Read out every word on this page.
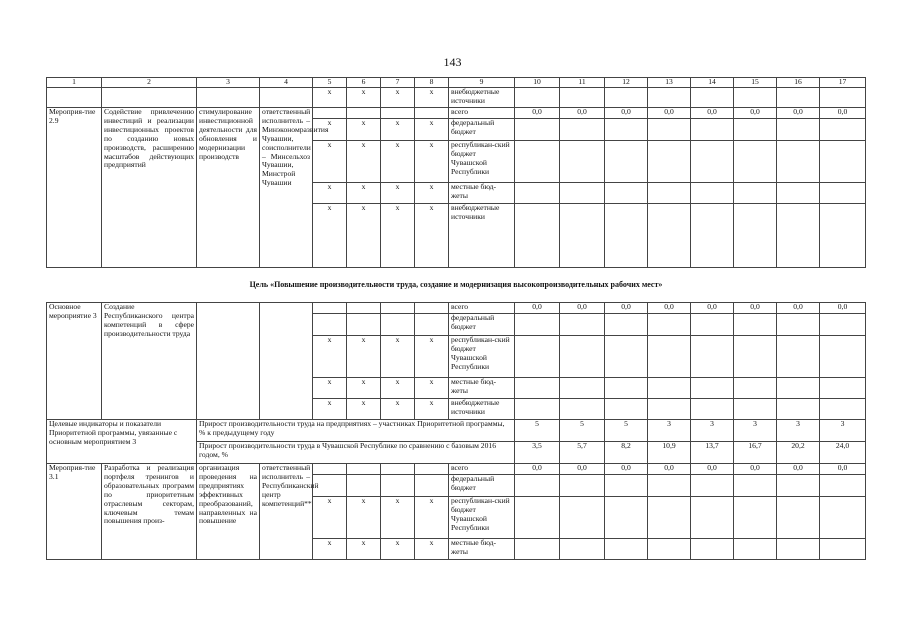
143
1	2	3	4	5	6	7	8	9	10	11	12	13	14	15	16	17
				x	x	x	x	внебюджетные источники								
Мероприя-тие 2.9	Содействие привлечению инвестиций и реализации инвестиционных проектов по созданию новых производств, расширению масштабов действующих предприятий	стимулирование инвестиционной деятельности для обновления и модернизации производств	ответственный исполнитель – Минэкономразвития Чувашии, соисполнители – Минсельхоз Чувашии, Минстрой Чувашии					всего	0,0	0,0	0,0	0,0	0,0	0,0	0,0	0,0
				x	x	x	x	федеральный бюджет								
				x	x	x	x	республикан-ский бюджет Чувашской Республики								
				x	x	x	x	местные бюд-жеты								
				x	x	x	x	внебюджетные источники								
Цель «Повышение производительности труда, создание и модернизация высокопроизводительных рабочих мест»																
Основное мероприятие 3	Создание Республиканского центра компетенций в сфере производительности труда							всего	0,0	0,0	0,0	0,0	0,0	0,0	0,0	0,0
								федеральный бюджет								
				x	x	x	x	республикан-ский бюджет Чувашской Республики								
				x	x	x	x	местные бюд-жеты								
				x	x	x	x	внебюджетные источники								
Целевые индикаторы и показатели Приоритетной программы, увязанные с основным мероприятием 3		Прирост производительности труда на предприятиях – участниках Приоритетной программы, % к предыдущему году							5	5	5	3	3	3	3	3
		Прирост производительности труда в Чувашской Республике по сравнению с базовым 2016 годом, %							3,5	5,7	8,2	10,9	13,7	16,7	20,2	24,0
Мероприя-тие 3.1	Разработка и реализация портфеля тренингов и образовательных программ по приоритетным отраслевым секторам, ключевым темам повышения произ-	организация проведения на предприятиях эффективных преобразований, направленных на повышение	ответственный исполнитель – Республиканский центр компетенций**					всего	0,0	0,0	0,0	0,0	0,0	0,0	0,0	0,0
								федеральный бюджет								
				x	x	x	x	республикан-ский бюджет Чувашской Республики								
				x	x	x	x	местные бюд-жеты								
